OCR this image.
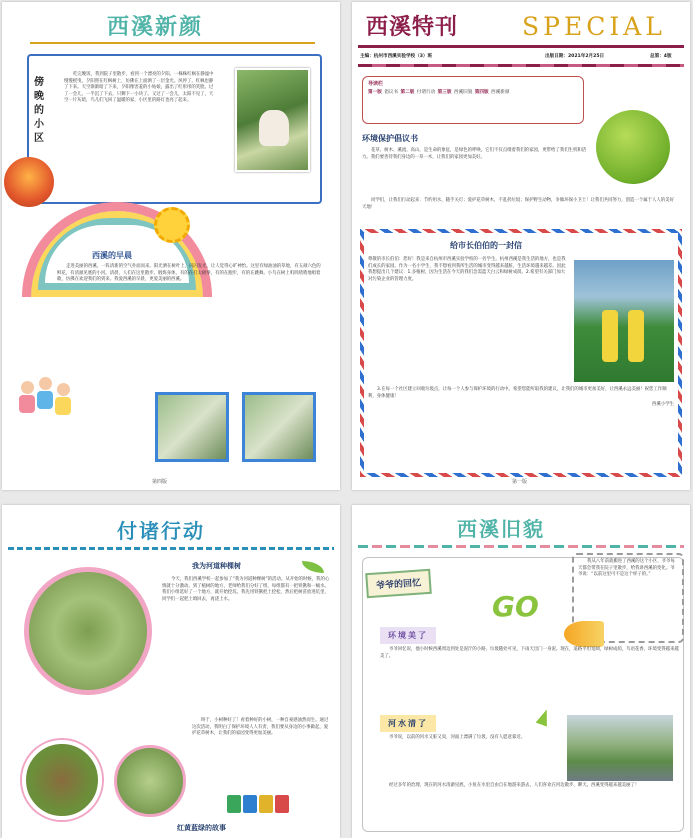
西溪新颜
傍晚的小区
吃完晚饭，我到院子里散步，看到一个漂亮的夕阳。一株株红枫在静谧中慢慢摇曳，夕阳照在红枫树上，仿佛在上面洒了一层金光。风停了，红枫也静了下来。天空渐渐暗了下来，夕阳像害羞的小姑娘，露出了红彤彤的笑脸。过了一会儿，一半沉了下去，只剩下一小块了。又过了一会儿，太阳不见了，天空一片灰暗，鸟儿们飞回了温暖的家，小区里的路灯也亮了起来。
西溪的早晨
走进美丽的西溪，一阵清新的空气扑面而来。阳光洒在树叶上，闪闪发光，让人觉得心旷神怡。这里有绿油油的草地，有五颜六色的鲜花，有清澈见底的小河。清晨，人们在这里散步、锻炼身体，有的在打太极拳，有的在跑步，有的在跳舞。小鸟在树上叽叽喳喳地唱着歌，仿佛在欢迎我们的到来。我爱西溪的早晨，更爱美丽的西溪。
第四版
西溪特刊	SPECIAL
主编：杭州市西溪实验学校（3）班	出版日期：2021年2月25日	总第：4版
导读栏
第一版 倡议书 第二版 付诸行动 第三版 西溪旧貌 第四版 西溪新颜
环境保护倡议书
花草、树木、溪流、高山，是生命的象征，是绿色的呼唤。它们不仅点缀着我们的家园，更带给了我们生机和活力。我们要善待我们身边的一草一木，让我们的家园更加美好。
同学们，让我们行动起来：节约用水，随手关灯；爱护花草树木，不乱扔垃圾；保护野生动物，争做环保小卫士！让我们共同努力，创造一个属于人人的美好天地！
给市长伯伯的一封信
尊敬的市长伯伯：您好！我是来自杭州市西溪实验学校的一名学生。杭州西溪是我生活的地方，也是我们成长的家园。作为一名小学生，我不想看到我所生活的城市变得越来越脏，生活环境越来越差。因此我想提出几个建议：1.多植树，因为生活在今天的我们急需蓝天白云和绿树成荫。2.希望有关部门加大对污染企业的管理力度。
3.在每一个社区建立回收垃圾点，让每一个人参与保护环境的行动中。希望您能听取我的建议，让我们的城市更加美好，让西溪永远美丽！祝您工作顺利，身体健康！
西溪小学生
第一版
付诸行动
我为河道种棵树
今天，我们西溪学校一起参加了“我为河道种棵树”的活动。从开始的时候，我的心情就十分激动。到了植树的地方，老师给我们分好了组，每组都有一把铁锹和一桶水。我们小组选好了一个地方，就开始挖坑。我先用铁锹把土挖松，然后把树苗放进坑里，同学们一起把土填回去，再浇上水。
终于，小树种好了！看着种好的小树，一种自豪感油然而生。通过这次活动，我明白了保护环境人人有责，我们要从身边的小事做起，爱护花草树木，让我们的家园变得更加美丽。
红黄蓝绿的故事
西溪旧貌
爷爷的回忆
GO
我从八年前就搬进了西溪的这个小区，爷爷每天都会带我在院子里散步，给我讲西溪的变化。爷爷说：“以前这里可不是这个样子的。”
环境美了
爷爷回忆说，他小时候西溪周边到处是泥泞的小路，垃圾随处可见，下雨天出门一身泥。现在，道路平坦宽阔，绿树成荫，鸟语花香，环境变得越来越美了。
河水清了
爷爷说，以前的河水又脏又臭，河面上漂满了垃圾，没有人愿意靠近。
经过多年的治理，现在的河水清澈见底，小鱼在水里自由自在地游来游去，人们喜欢在河边散步、聊天。西溪变得越来越美丽了！
